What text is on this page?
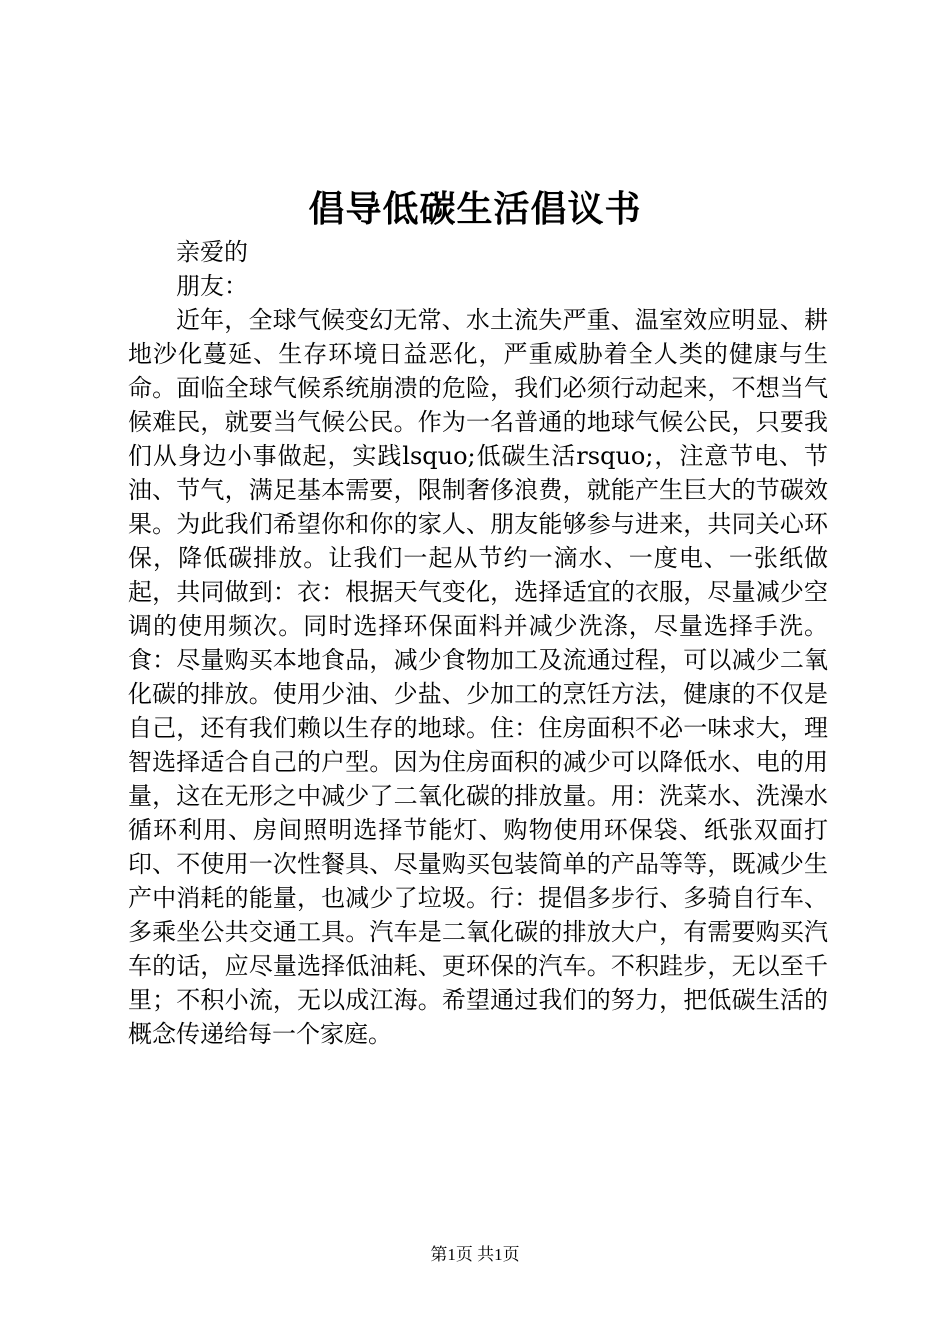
倡导低碳生活倡议书

亲爱的

朋友：

近年，全球气候变幻无常、水土流失严重、温室效应明显、耕地沙化蔓延、生存环境日益恶化，严重威胁着全人类的健康与生命。面临全球气候系统崩溃的危险，我们必须行动起来，不想当气候难民，就要当气候公民。作为一名普通的地球气候公民，只要我们从身边小事做起，实践lsquo;低碳生活rsquo;，注意节电、节油、节气，满足基本需要，限制奢侈浪费，就能产生巨大的节碳效果。为此我们希望你和你的家人、朋友能够参与进来，共同关心环保，降低碳排放。让我们一起从节约一滴水、一度电、一张纸做起，共同做到：衣：根据天气变化，选择适宜的衣服，尽量减少空调的使用频次。同时选择环保面料并减少洗涤，尽量选择手洗。食：尽量购买本地食品，减少食物加工及流通过程，可以减少二氧化碳的排放。使用少油、少盐、少加工的烹饪方法，健康的不仅是自己，还有我们赖以生存的地球。住：住房面积不必一味求大，理智选择适合自己的户型。因为住房面积的减少可以降低水、电的用量，这在无形之中减少了二氧化碳的排放量。用：洗菜水、洗澡水循环利用、房间照明选择节能灯、购物使用环保袋、纸张双面打印、不使用一次性餐具、尽量购买包装简单的产品等等，既减少生产中消耗的能量，也减少了垃圾。行：提倡多步行、多骑自行车、多乘坐公共交通工具。汽车是二氧化碳的排放大户，有需要购买汽车的话，应尽量选择低油耗、更环保的汽车。不积跬步，无以至千里；不积小流，无以成江海。希望通过我们的努力，把低碳生活的概念传递给每一个家庭。

第1页 共1页
